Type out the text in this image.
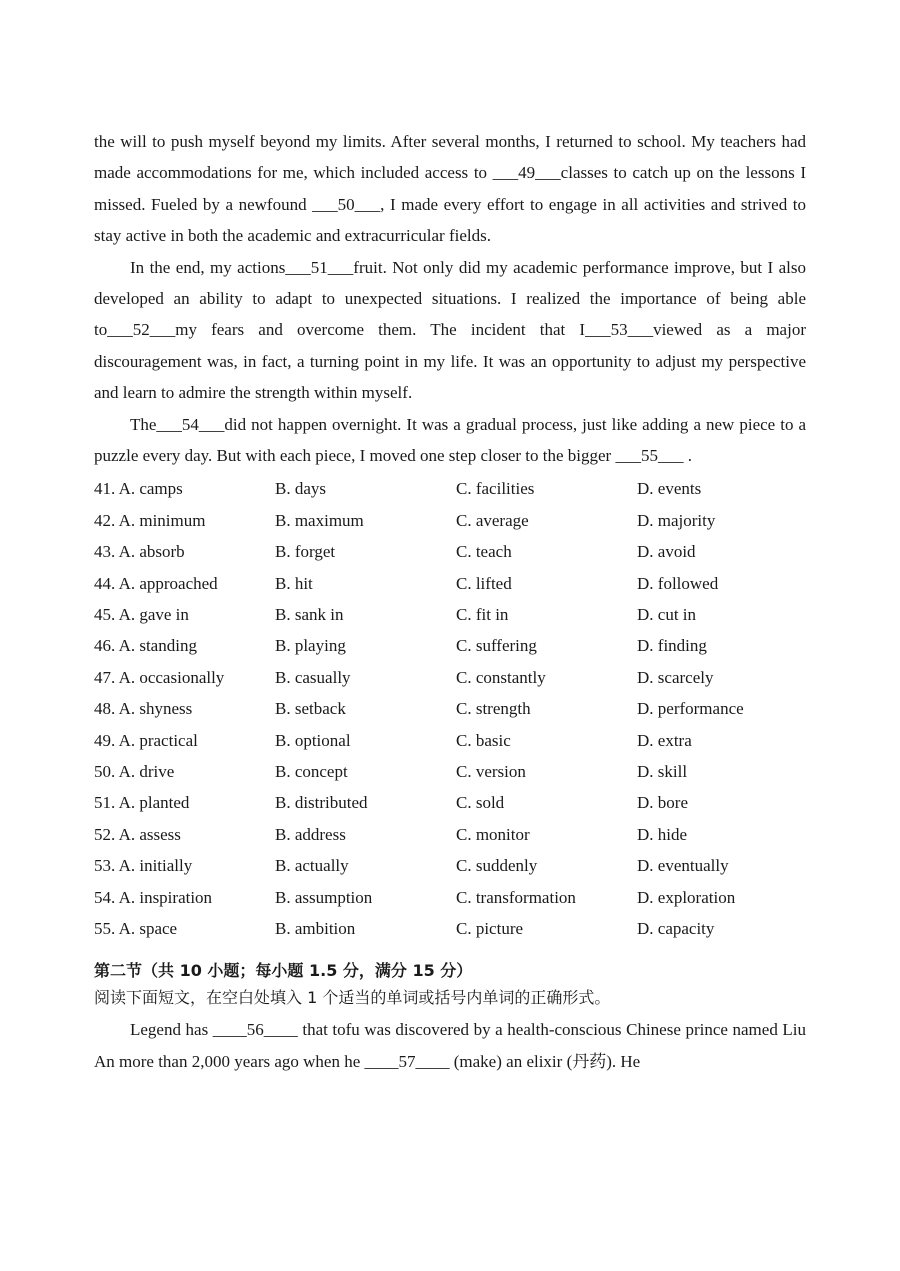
the will to push myself beyond my limits. After several months, I returned to school. My teachers had made accommodations for me, which included access to ___49___classes to catch up on the lessons I missed. Fueled by a newfound ___50___, I made every effort to engage in all activities and strived to stay active in both the academic and extracurricular fields.

In the end, my actions___51___fruit. Not only did my academic performance improve, but I also developed an ability to adapt to unexpected situations. I realized the importance of being able to___52___my fears and overcome them. The incident that I___53___viewed as a major discouragement was, in fact, a turning point in my life. It was an opportunity to adjust my perspective and learn to admire the strength within myself.

The___54___did not happen overnight. It was a gradual process, just like adding a new piece to a puzzle every day. But with each piece, I moved one step closer to the bigger ___55___ .

41. A. camps	B. days	C. facilities	D. events
42. A. minimum	B. maximum	C. average	D. majority
43. A. absorb	B. forget	C. teach	D. avoid
44. A. approached	B. hit	C. lifted	D. followed
45. A. gave in	B. sank in	C. fit in	D. cut in
46. A. standing	B. playing	C. suffering	D. finding
47. A. occasionally	B. casually	C. constantly	D. scarcely
48. A. shyness	B. setback	C. strength	D. performance
49. A. practical	B. optional	C. basic	D. extra
50. A. drive	B. concept	C. version	D. skill
51. A. planted	B. distributed	C. sold	D. bore
52. A. assess	B. address	C. monitor	D. hide
53. A. initially	B. actually	C. suddenly	D. eventually
54. A. inspiration	B. assumption	C. transformation	D. exploration
55. A. space	B. ambition	C. picture	D. capacity
第二节（共 10 小题；每小题 1.5 分，满分 15 分）
阅读下面短文，在空白处填入 1 个适当的单词或括号内单词的正确形式。

Legend has ____56____ that tofu was discovered by a health-conscious Chinese prince named Liu An more than 2,000 years ago when he ____57____ (make) an elixir (丹药). He
